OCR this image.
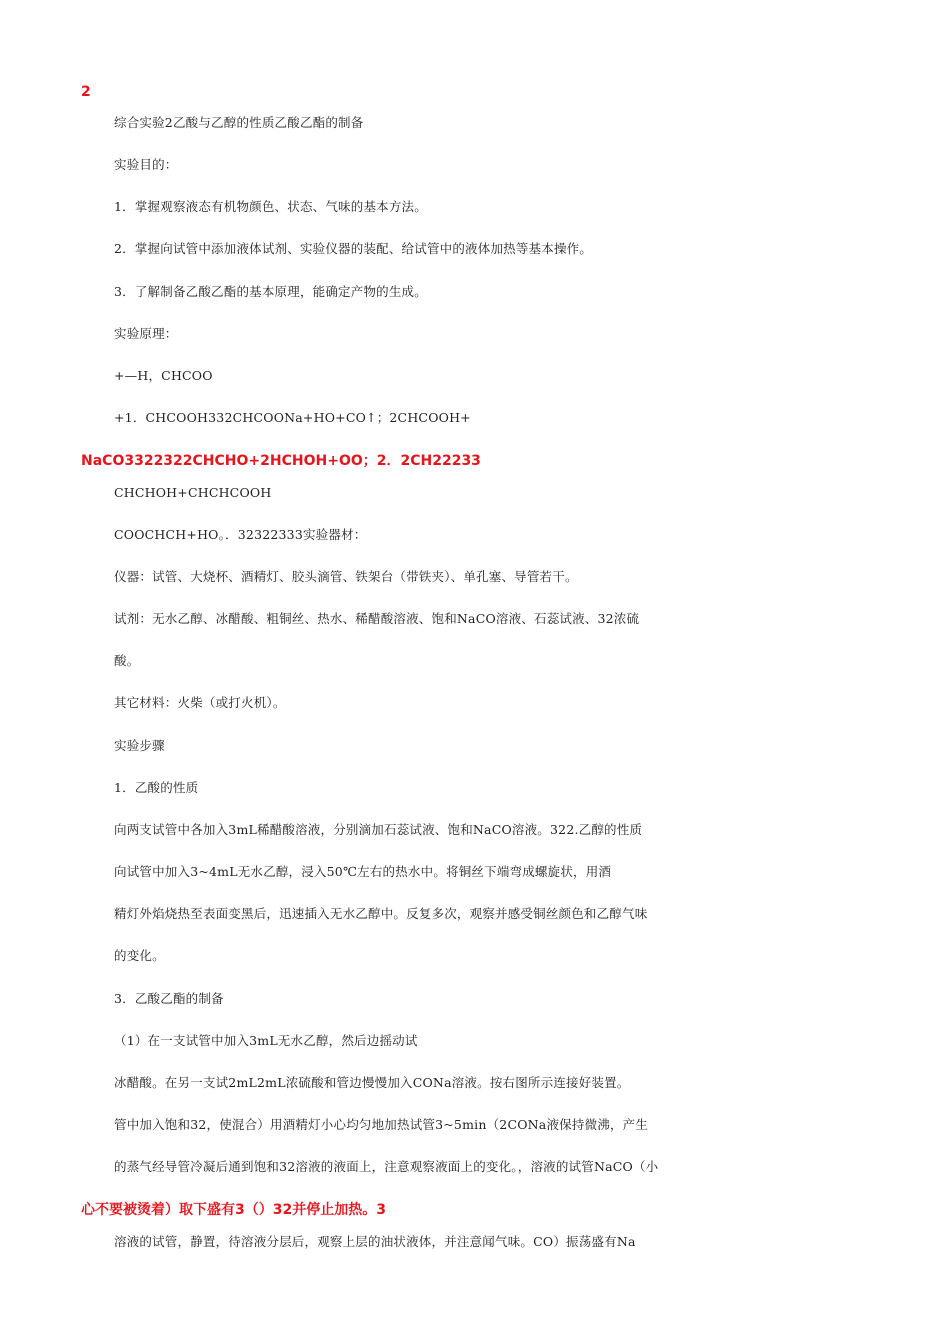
2
综合实验2乙酸与乙醇的性质乙酸乙酯的制备
实验目的：
1．掌握观察液态有机物颜色、状态、气味的基本方法。
2．掌握向试管中添加液体试剂、实验仪器的装配、给试管中的液体加热等基本操作。
3．了解制备乙酸乙酯的基本原理，能确定产物的生成。
实验原理：
+—H，CHCOO
+1．CHCOOH332CHCOONa+HO+CO↑；2CHCOOH+
NaCO3322322CHCHO+2HCHOH+OO；2．2CH22233
CHCHOH+CHCHCOOH
COOCHCH+HO。．32322333实验器材：
仪器：试管、大烧杯、酒精灯、胶头滴管、铁架台（带铁夹）、单孔塞、导管若干。
试剂：无水乙醇、冰醋酸、粗铜丝、热水、稀醋酸溶液、饱和NaCO溶液、石蕊试液、32浓硫
酸。
其它材料：火柴（或打火机）。
实验步骤
1．乙酸的性质
向两支试管中各加入3mL稀醋酸溶液，分别滴加石蕊试液、饱和NaCO溶液。322.乙醇的性质
向试管中加入3~4mL无水乙醇，浸入50℃左右的热水中。将铜丝下端弯成螺旋状，用酒
精灯外焰烧热至表面变黑后，迅速插入无水乙醇中。反复多次，观察并感受铜丝颜色和乙醇气味
的变化。
3．乙酸乙酯的制备
（1）在一支试管中加入3mL无水乙醇，然后边摇动试
冰醋酸。在另一支试2mL2mL浓硫酸和管边慢慢加入CONa溶液。按右图所示连接好装置。
管中加入饱和32，使混合）用酒精灯小心均匀地加热试管3~5min（2CONa液保持微沸，产生
的蒸气经导管冷凝后通到饱和32溶液的液面上，注意观察液面上的变化。，溶液的试管NaCO（小
心不要被烫着）取下盛有3（）32并停止加热。3
溶液的试管，静置，待溶液分层后，观察上层的油状液体，并注意闻气味。CO）振荡盛有Na
